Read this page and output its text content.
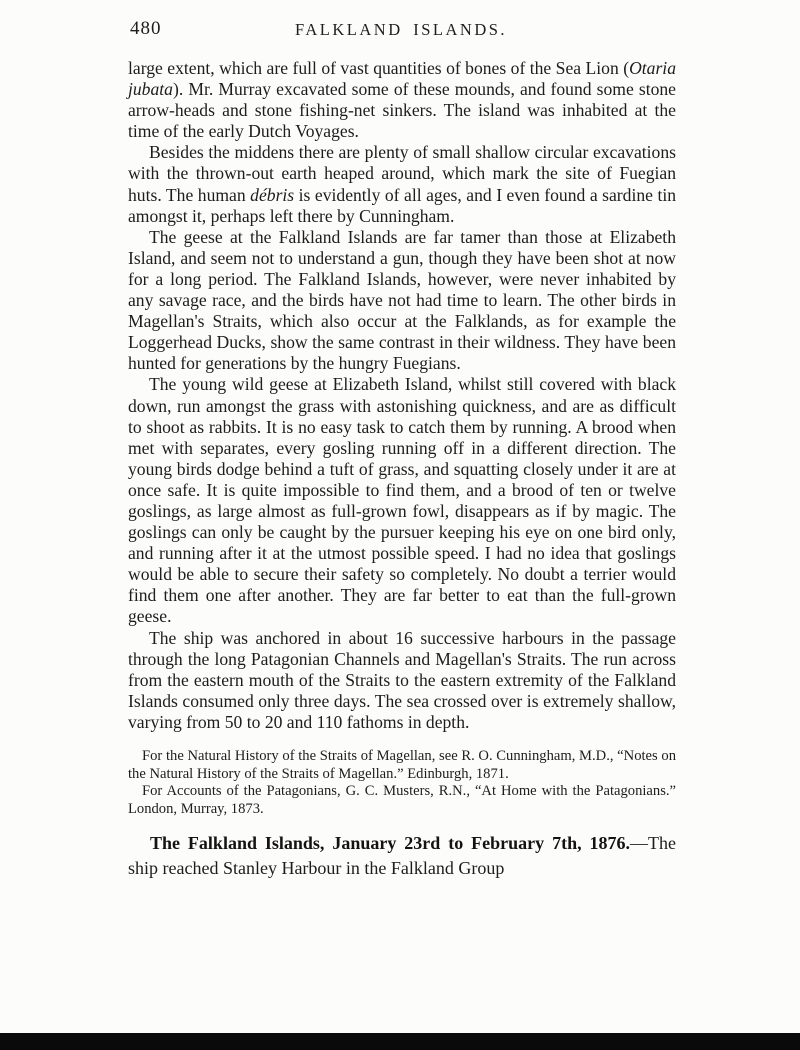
480	FALKLAND ISLANDS.

large extent, which are full of vast quantities of bones of the Sea Lion (Otaria jubata). Mr. Murray excavated some of these mounds, and found some stone arrow-heads and stone fishing-net sinkers. The island was inhabited at the time of the early Dutch Voyages.

Besides the middens there are plenty of small shallow circular excavations with the thrown-out earth heaped around, which mark the site of Fuegian huts. The human débris is evidently of all ages, and I even found a sardine tin amongst it, perhaps left there by Cunningham.

The geese at the Falkland Islands are far tamer than those at Elizabeth Island, and seem not to understand a gun, though they have been shot at now for a long period. The Falkland Islands, however, were never inhabited by any savage race, and the birds have not had time to learn. The other birds in Magellan's Straits, which also occur at the Falklands, as for example the Loggerhead Ducks, show the same contrast in their wildness. They have been hunted for generations by the hungry Fuegians.

The young wild geese at Elizabeth Island, whilst still covered with black down, run amongst the grass with astonishing quickness, and are as difficult to shoot as rabbits. It is no easy task to catch them by running. A brood when met with separates, every gosling running off in a different direction. The young birds dodge behind a tuft of grass, and squatting closely under it are at once safe. It is quite impossible to find them, and a brood of ten or twelve goslings, as large almost as full-grown fowl, disappears as if by magic. The goslings can only be caught by the pursuer keeping his eye on one bird only, and running after it at the utmost possible speed. I had no idea that goslings would be able to secure their safety so completely. No doubt a terrier would find them one after another. They are far better to eat than the full-grown geese.

The ship was anchored in about 16 successive harbours in the passage through the long Patagonian Channels and Magellan's Straits. The run across from the eastern mouth of the Straits to the eastern extremity of the Falkland Islands consumed only three days. The sea crossed over is extremely shallow, varying from 50 to 20 and 110 fathoms in depth.

For the Natural History of the Straits of Magellan, see R. O. Cunningham, M.D., “Notes on the Natural History of the Straits of Magellan.” Edinburgh, 1871.

For Accounts of the Patagonians, G. C. Musters, R.N., “At Home with the Patagonians.” London, Murray, 1873.

The Falkland Islands, January 23rd to February 7th, 1876.—The ship reached Stanley Harbour in the Falkland Group
